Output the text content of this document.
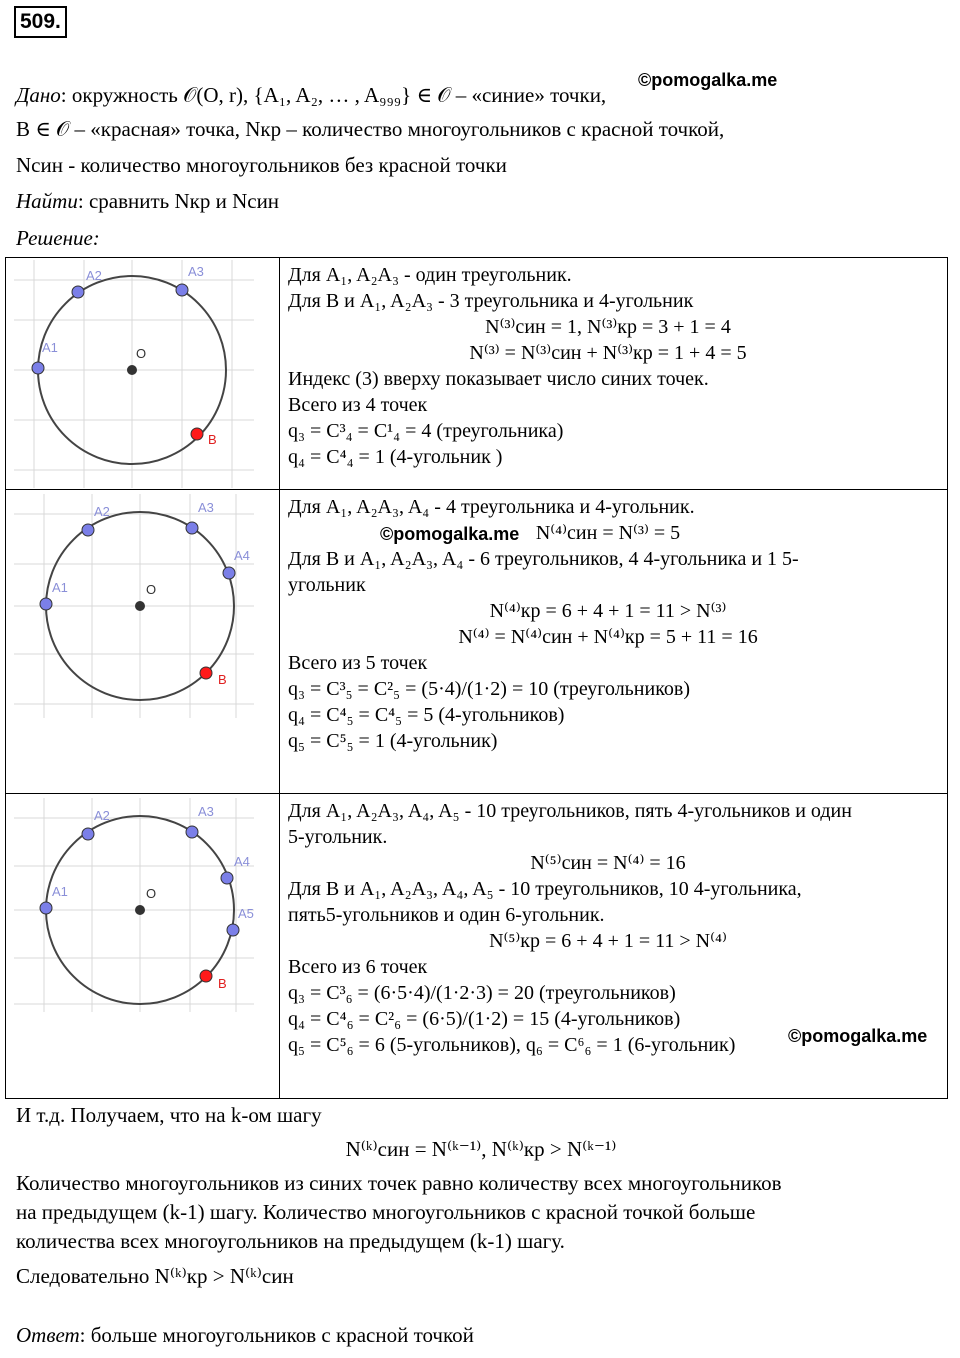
509.
©pomogalka.me
Дано: окружность 𝒪(O, r), {A₁, A₂, … , A₉₉₉} ∈ 𝒪 – «синие» точки,
B ∈ 𝒪 – «красная» точка, Nкр – количество многоугольников с красной точкой,
Nсин - количество многоугольников без красной точки
Найти: сравнить Nкр и Nсин
Решение:
O
A1
A2	A3
B
Для A₁, A₂A₃ - один треугольник.
Для B и A₁, A₂A₃ - 3 треугольника и 4-угольник
N⁽³⁾син = 1, N⁽³⁾кр = 3 + 1 = 4
N⁽³⁾ = N⁽³⁾син + N⁽³⁾кр = 1 + 4 = 5
Индекс (3) вверху показывает число синих точек.
Всего из 4 точек
q₃ = C³₄ = C¹₄ = 4 (треугольника)
q₄ = C⁴₄ = 1 (4-угольник )
O
A1
A2	A3
A4
B
Для A₁, A₂A₃, A₄ - 4 треугольника и 4-угольник.
N⁽⁴⁾син = N⁽³⁾ = 5
Для B и A₁, A₂A₃, A₄ - 6 треугольников, 4 4-угольника и 1 5-
угольник
N⁽⁴⁾кр = 6 + 4 + 1 = 11 > N⁽³⁾
N⁽⁴⁾ = N⁽⁴⁾син + N⁽⁴⁾кр = 5 + 11 = 16
Всего из 5 точек
q₃ = C³₅ = C²₅ = (5·4)/(1·2) = 10 (треугольников)
q₄ = C⁴₅ = C⁴₅ = 5 (4-угольников)
q₅ = C⁵₅ = 1 (4-угольник)
O
A1
A2	A3
A4
A5
B
Для A₁, A₂A₃, A₄, A₅ - 10 треугольников, пять 4-угольников и один
5-угольник.
N⁽⁵⁾син = N⁽⁴⁾ = 16
Для B и A₁, A₂A₃, A₄, A₅ - 10 треугольников, 10 4-угольника,
пять5-угольников и один 6-угольник.
N⁽⁵⁾кр = 6 + 4 + 1 = 11 > N⁽⁴⁾
Всего из 6 точек
q₃ = C³₆ = (6·5·4)/(1·2·3) = 20 (треугольников)
q₄ = C⁴₆ = C²₆ = (6·5)/(1·2) = 15 (4-угольников)
q₅ = C⁵₆ = 6 (5-угольников), q₆ = C⁶₆ = 1 (6-угольник)
©pomogalka.me
©pomogalka.me
И т.д. Получаем, что на k-ом шагу
N⁽ᵏ⁾син = N⁽ᵏ⁻¹⁾, N⁽ᵏ⁾кр > N⁽ᵏ⁻¹⁾
Количество многоугольников из синих точек равно количеству всех многоугольников
на предыдущем (k-1) шагу. Количество многоугольников с красной точкой больше
количества всех многоугольников на предыдущем (k-1) шагу.
Следовательно N⁽ᵏ⁾кр > N⁽ᵏ⁾син
Ответ: больше многоугольников с красной точкой
